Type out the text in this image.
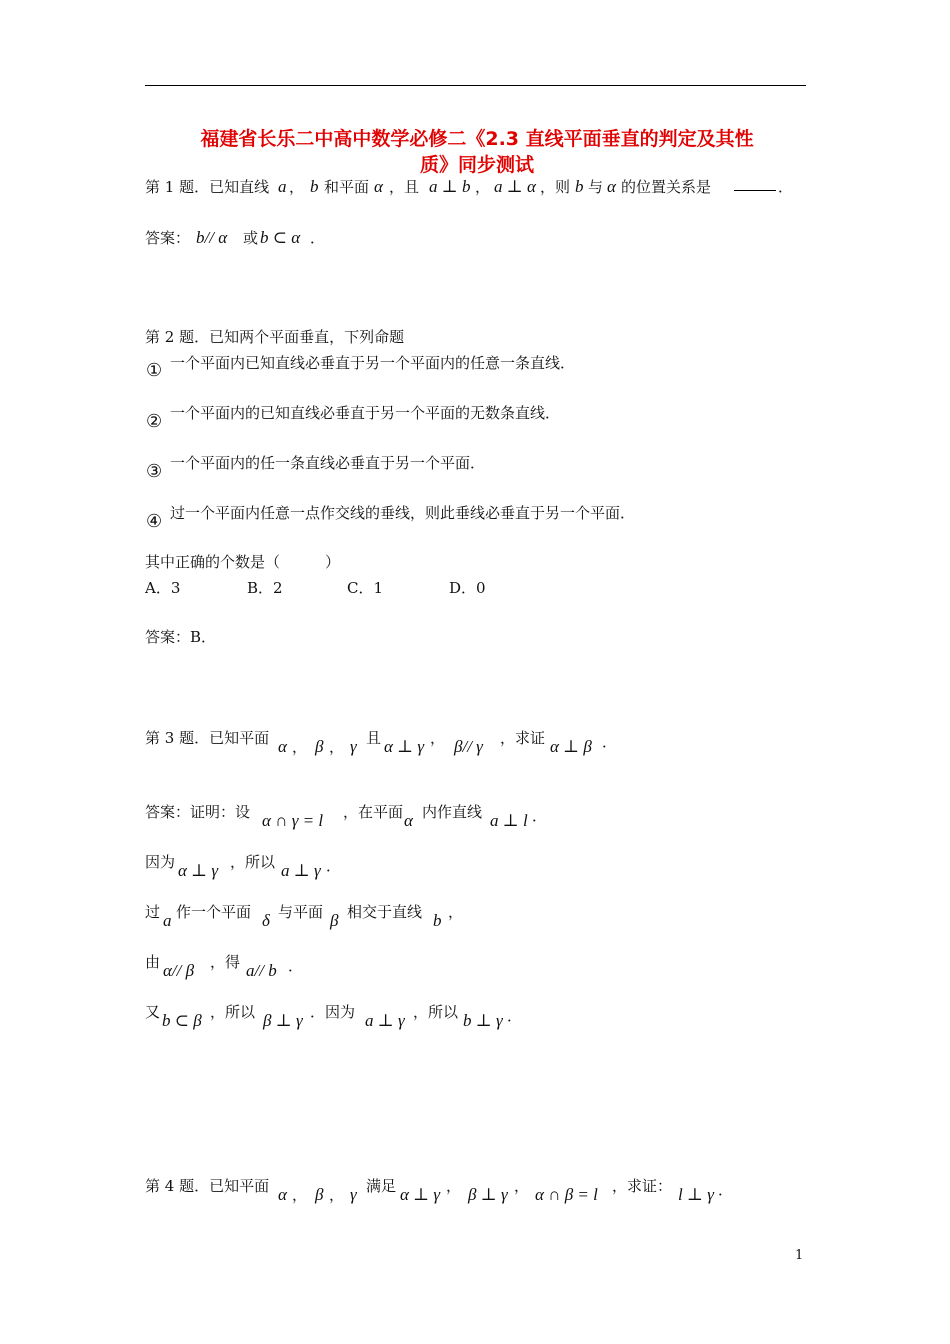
福建省长乐二中高中数学必修二《2.3 直线平面垂直的判定及其性
质》同步测试
第 1 题．已知直线 a ， b 和平面 α ，且 a ⊥ b ， a ⊥ α ，则 b 与 α 的位置关系是	．
答案： b// α 或 b ⊂ α ．
第 2 题．已知两个平面垂直，下列命题
① 一个平面内已知直线必垂直于另一个平面内的任意一条直线．
② 一个平面内的已知直线必垂直于另一个平面的无数条直线．
③ 一个平面内的任一条直线必垂直于另一个平面．
④ 过一个平面内任意一点作交线的垂线，则此垂线必垂直于另一个平面．
其中正确的个数是（　　　）
A．3	B．2	C．1	D．0
答案：B．
第 3 题．已知平面 α ， β ， γ 且 α ⊥ γ ， β// γ ，求证 α ⊥ β ．
答案：证明：设 α ∩ γ = l ，在平面 α 内作直线 a ⊥ l ．
因为 α ⊥ γ ，所以 a ⊥ γ ．
过 a 作一个平面 δ 与平面 β 相交于直线 b ，
由 α// β ，得 a// b ．
又 b ⊂ β ，所以 β ⊥ γ ．因为 a ⊥ γ ，所以 b ⊥ γ ．
第 4 题．已知平面 α ， β ， γ 满足 α ⊥ γ ， β ⊥ γ ， α ∩ β = l ，求证： l ⊥ γ ．
1
